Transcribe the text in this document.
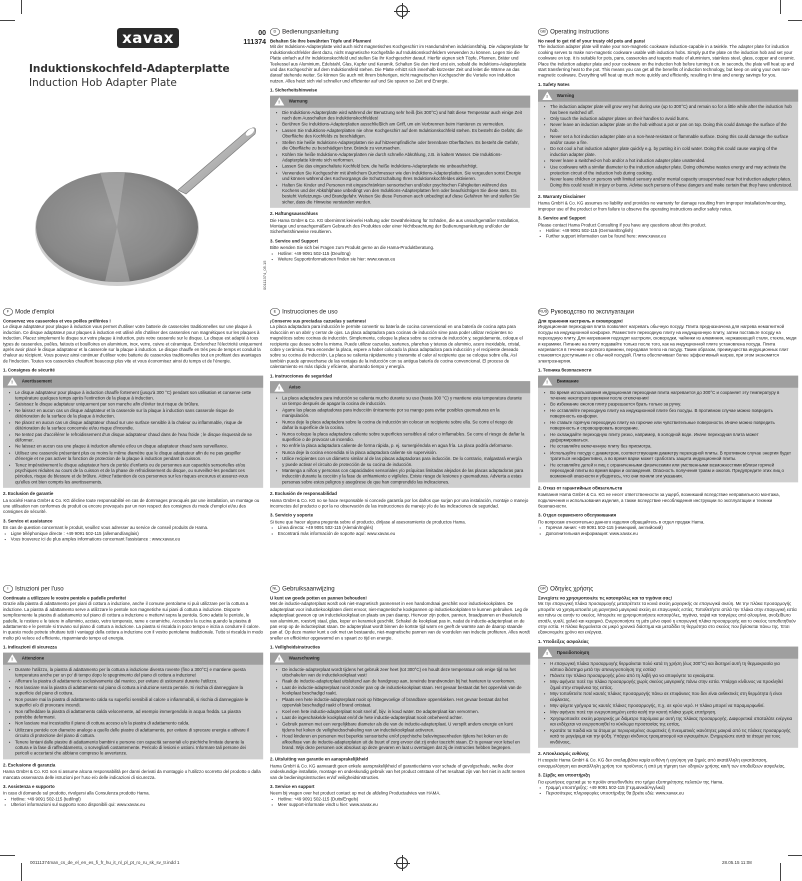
xavax	00
111374
Induktionskochfeld-Adapterplatte
Induction Hob Adapter Plate
00111374_05.15
D Bedienungsanleitung

Behalten Sie Ihre bewährten Töpfe und Pfannen!

Mit der Induktions-Adapterplatte wird auch nicht magnetisches Kochgeschirr im Handumdrehen induktionsfähig. Die Adapterplatte für Induktionskochfelder dient dazu, nicht magnetische Kochgefäße auf Induktionskochfeldern verwenden zu können. Legen Sie die Platte einfach auf Ihr Induktionskochfeld und stellen Sie Ihr Kochgeschirr darauf. Hierfür eignen sich Töpfe, Pfannen, Bräter und Teekessel aus Aluminium, Edelstahl, Glas, Kupfer und Keramik. Schalten Sie den Herd erst ein, sobald die Induktions-Adapterplatte und das Kochgeschirr auf dem Induktionsfeld stehen. Die Platte erhitzt sich innerhalb kürzester Zeit und leitet die Wärme an das darauf stehende weiter. So können Sie auch mit Ihrem bisherigen, nicht magnetischen Kochgeschirr die Vorteile von Induktion nutzen. Alles heizt sich viel schneller und effizienter auf und Sie sparen so Zeit und Energie.

1. Sicherheitshinweise
! Warnung
• Die Induktions-Adapterplatte wird während der Benutzung sehr heiß (bis 300°C) und hält diese Temperatur auch einige Zeit nach dem Ausschalten des Induktionskochfeldes!
• Berühren Sie Induktions-Adapterplatten ausschließlich am Griff, um ein Verbrennen beim Hantieren zu vermeiden.
• Lassen Sie Induktions-Adapterplatten nie ohne Kochgeschirr auf dem Induktionskochfeld stehen. Es besteht die Gefahr, die Oberfläche des Kochfelds zu beschädigen.
• Stellen Sie heiße Induktions-Adapterplatten nie auf hitzeempfindliche oder brennbare Oberflächen. Es besteht die Gefahr, die Oberfläche zu beschädigen bzw. Brände zu verursachen.
• Kühlen Sie heiße Induktions-Adapterplatten nie durch schnelle Abkühlung, z.B. in kaltem Wasser. Die Induktions-Adapterplatte könnte sich verformen.
• Lassen Sie das eingeschaltete Kochfeld bzw. die heiße Induktions-Adapterplatte nie unbeaufsichtigt.
• Verwenden Sie Kochgeschirr mit ähnlichem Durchmesser wie den Induktions-Adapterplatten. Sie vergeuden sonst Energie und können während des Kochvorgangs die Schutzschaltung Ihres Induktionskochfeldes aktivieren.
• Halten Sie Kinder und Personen mit eingeschränkten sensorischen und/oder psychischen Fähigkeiten während des Kochens und der Abkühlphase unbedingt von den Induktions-Adapterplatten fern oder beaufsichtigen Sie diese stets. Es besteht Verletzungs- und Brandgefahr. Weisen Sie diese Personen auch unbedingt auf diese Gefahren hin und stellen Sie sicher, dass die Hinweise verstanden werden.
2. Haftungsausschluss

Die Hama GmbH & Co. KG übernimmt keinerlei Haftung oder Gewährleistung für Schäden, die aus unsachgemäßer Installation, Montage und unsachgemäßem Gebrauch des Produktes oder einer Nichtbeachtung der Bedienungsanleitung und/oder der Sicherheitshinweise resultieren.

3. Service und Support

Bitte wenden Sie sich bei Fragen zum Produkt gerne an die Hama-Produktberatung.

• Hotline: +49 9091 502-115 (Deu/Eng)
• Weitere Supportinformationen finden sie hier: www.xavax.eu
GB Operating instructions

No need to get rid of your trusty old pots and pans!

The induction adapter plate will make your non-magnetic cookware induction-capable in a twinkle. The adapter plate for induction cooking serves to make non-magnetic cookware usable with induction hobs. Simply put the plate on the induction hob and set your cookware on top. It is suitable for pots, pans, casseroles and teapots made of aluminium, stainless steel, glass, copper and ceramic. Place the induction adapter plate and your cookware on the induction hob before turning it on. In seconds, the plate will heat up and start transferring heat to the pot. This means you can get all the benefits of induction technology, but keep on using your own non-magnetic cookware. Everything will heat up much more quickly and efficiently, resulting in time and energy savings for you.

1. Safety Notes
! Warning
• The induction adapter plate will grow very hot during use (up to 300°C) and remain so for a little while after the induction hob has been switched off.
• Only touch the induction adapter plates on their handles to avoid burns.
• Never leave an induction adapter plate on the hob without a pot or pan on top. Doing this could damage the surface of the hob.
• Never set a hot induction adapter plate on a non-heat-resistant or flammable surface. Doing this could damage the surface and/or cause a fire.
• Do not cool a hot induction adapter plate quickly e.g. by putting it in cold water. Doing this could cause warping of the induction adapter plate.
• Never leave a switched-on hob and/or a hot induction adapter plate unattended.
• Use cookware with a similar diameter to the induction adapter plate. Doing otherwise wastes energy and may activate the protection circuit of the induction hob during cooking.
• Never leave children or persons with limited sensory and/or mental capacity unsupervised near hot induction adapter plates. Doing this could result in injury or burns. Advise such persons of these dangers and make certain that they have understood.
2. Warranty Disclaimer

Hama GmbH & Co. KG assumes no liability and provides no warranty for damage resulting from improper installation/mounting, improper use of the product or from failure to observe the operating instructions and/or safety notes.

3. Service and Support

Please contact Hama Product Consulting if you have any questions about this product.

• Hotline: +49 9091 502-115 (German/English)
• Further support information can be found here: www.xavax.eu
F Mode d'emploi

Conservez vos casseroles et vos poêles préférées !

Le disque adaptateur pour plaque à induction vous permet d'utiliser votre batterie de casseroles traditionnelles sur une plaque à induction. Ce disque adaptateur pour plaques à induction est utilisé afin d'utiliser des casseroles non magnétiques sur les plaques à induction. Placez simplement le disque sur votre plaque à induction, puis votre casserole sur le disque. Le disque est adapté à tous types de casseroles, poêles, faitouts et bouilloires en aluminium, inox, verre, cuivre et céramique. Enclenchez l'électricité uniquement après avoir placé le disque adaptateur et la casserole sur la plaque à induction. Le disque chauffe en très peu de temps et conduit la chaleur au récipient. Vous pouvez ainsi continuer d'utiliser votre batterie de casseroles traditionnelles tout en profitant des avantages de l'induction. Toutes vos casseroles chauffent beaucoup plus vite et vous économisez ainsi du temps et de l'énergie.

1. Consignes de sécurité
! Avertissement
• Le disque adaptateur pour plaque à induction chauffe fortement (jusqu'à 300 °C) pendant son utilisation et conserve cette température quelques temps après l'extinction de la plaque à induction.
• Saisissez le disque adaptateur uniquement par son manche afin d'éviter tout risque de brûlure.
• Ne laissez en aucun cas un disque adaptateur et la casserole sur la plaque à induction sans casserole risque de détérioration de la surface de la plaque à induction.
• Ne placez en aucun cas un disque adaptateur chaud sur une surface sensible à la chaleur ou inflammable, risque de détérioration de la surface concernée et/ou risque d'incendie.
• Ne tentez pas d'accélérer le refroidissement d'un disque adaptateur chaud dans de l'eau froide ; le disque risquerait de se déformer.
• Ne laissez en aucun cas une plaque à induction allumée et/ou un disque adaptateur chaud sans surveillance.
• Utilisez une casserole présentant plus ou moins le même diamètre que le disque adaptateur afin de ne pas gaspiller d'énergie et ne pas activer la fonction de protection de la plaque à induction pendant la cuisson.
• Tenez impérativement le disque adaptateur hors de portée d'enfants ou de personnes aux capacités sensorielles et/ou psychiques réduites au cours de la cuisson et de la phase de refroidissement du disque, ou surveillez-les pendant ces périodes, risque de blessure et de brûlure. Attirez l'attention de ces personnes sur les risques encourus et assurez-vous qu'elles ont bien compris les avertissements.
2. Exclusion de garantie

La société Hama GmbH & Co. KG décline toute responsabilité en cas de dommages provoqués par une installation, un montage ou une utilisation non conformes du produit ou encore provoqués par un non respect des consignes du mode d'emploi et/ou des consignes de sécurité.

3. Service et assistance

En cas de question concernant le produit, veuillez vous adresser au service de conseil produits de Hama.

• Ligne téléphonique directe : +49 9091 502-115 (allemand/anglais)
• Vous trouverez ici de plus amples informations concernant l'assistance : www.xavax.eu
E Instrucciones de uso

¡Conserve sus preciadas cazuelas y sartenes!

La placa adaptadora para inducción le permite convertir su batería de cocina convencional en una batería de cocina apta para inducción en un abrir y cerrar de ojos. La placa adaptadora para cocinas de inducción sirve para poder utilizar recipientes no magnéticos sobre cocinas de inducción. Simplemente, coloque la placa sobre su cocina de inducción y, seguidamente, coloque el recipiente que desee sobre la misma. Puede utilizar cazuelas, sartenes, planchas y teteras de aluminio, acero inoxidable, cristal, cobre y cerámica. Para encender la placa, espere a haber colocado la placa adaptadora para inducción y el recipiente deseado sobre su cocina de inducción. La placa se calienta rápidamente y transmite el calor al recipiente que se coloque sobre ella. Así también puede aprovecharse de las ventajas de la inducción con su antigua batería de cocina convencional. El proceso de calentamiento es más rápido y eficiente, ahorrando tiempo y energía.

1. Instrucciones de seguridad
! Aviso
• La placa adaptadora para inducción se calienta mucho durante su uso (hasta 300 °C) y mantiene esta temperatura durante un tiempo después de apagar la cocina de inducción.
• Agarre las placas adaptadoras para inducción únicamente por su mango para evitar posibles quemaduras en la manipulación.
• Nunca deje la placa adaptadora sobre la cocina de inducción sin colocar un recipiente sobre ella. Se corre el riesgo de dañar la superficie de la cocina.
• Nunca coloque la placa adaptadora caliente sobre superficies sensibles al calor o inflamables. Se corre el riesgo de dañar la superficie o de provocar un incendio.
• No enfríe la placa adaptadora caliente de forma rápida, p. ej. sumergiéndola en agua fría. La placa podría deformarse.
• Nunca deje la cocina encendida ni la placa adaptadora caliente sin supervisión.
• Utilice recipientes con un diámetro similar al de las placas adaptadoras para inducción. De lo contrario, malgastará energía y puede activar el circuito de protección de su cocina de inducción.
• Mantenga a niños y personas con capacidades sensoriales y/o psíquicas limitadas alejados de las placas adaptadoras para inducción durante la cocción y la fase de enfriamiento o vigílelos. Existe riesgo de lesiones y quemaduras. Advierta a estas personas sobre estos peligros y asegúrese de que han comprendido las indicaciones.
2. Exclusión de responsabilidad

Hama GmbH & Co. KG no se hace responsable ni concede garantía por los daños que surjan por una instalación, montaje o manejo incorrectos del producto o por la no observación de las instrucciones de manejo y/o de las indicaciones de seguridad.

3. Servicio y soporte

Si tiene que hacer alguna pregunta sobre el producto, diríjase al asesoramiento de productos Hama.

• Línea directa: +49 9091 502-115 (Alemán/Inglés)
• Encontrará más información de soporte aquí: www.xavax.eu
RUS Руководство по эксплуатации

Для хранения кастрюль и сковородок!

Индукционная переходная плита позволяет нагревать обычную посуду. Плита предназначена для нагрева немагнитной посуды на индукционной конфорке. Разместите переходную плиту на индукционную плиту, затем поставьте посуду на переходную плиту. Для нагревания подходят кастрюли, сковородки, чайники из алюминия, нержавеющей стали, стекла, меди и керамики. Питание на плиту подавайте только после того, как на индукционной плите установлена посуда. Плита нагревается в течение короткого времени, передавая тепло на посуду. Таким образом, преимущества индукционных плит становятся доступными и с обычной посудой. Плита обеспечивает более эффективный нагрев, при этом экономится электроэнергия.

1. Техника безопасности
! Внимание
• Во время использования индукционная переходная плита нагревается до 300°C и сохраняет эту температуру в течение некоторого времени после отключения!
• Во избежание ожогов плиту разрешается брать только за ручку.
• Не оставляйте переходную плиту на индукционной плите без посуды. В противном случае можно повредить поверхность конфорки.
• Не ставьте горячую переходную плиту на горючие или чувствительные поверхности. Иначе можно повредить поверхность и спровоцировать возгорание.
• Не охлаждайте переходную плиту резко, например, в холодной воде. Иначе переходная плита может деформироваться.
• Не оставляйте включенную плиту без присмотра.
• Используйте посуду с диаметром, соответствующим диаметру переходной плиты. В противном случае энергия будет тратиться неэффективно, а во время варки может сработать защита индукционной плиты.
• Не оставляйте детей и лиц с ограниченными физическими или умственными возможностями вблизи горячей переходной плиты во время варки и охлаждения. Опасность получения травм и ожогов. Предупредите этих лиц о возможной опасности и убедитесь, что они поняли эти указания.
2. Отказ от гарантийных обязательств

Компания Hama GmbH & Co. KG не несет ответственности за ущерб, возникший вследствие неправильного монтажа, подключения и использования изделия, а также вследствие несоблюдения инструкции по эксплуатации и техники безопасности.

3. Отдел сервисного обслуживания

По вопросам относительно данного изделия обращайтесь в отдел продаж Hama.

• Горячая линия: +49 9091 502-115 (немецкий, английский)
• Дополнительная информация: www.xavax.eu
I Istruzioni per l'uso

Continuate a utilizzare le vostre pentole e padelle preferite!

Grazie alla piastra di adattamento per piani di cottura a induzione, anche il comune pentolame si può utilizzare per la cottura a induzione. La piastra di adattamento serve a utilizzare le pentole non magnetiche sui piani di cottura a induzione. Disporre semplicemente la piastra di adattamento sul piano di cottura a induzione e mettervi sopra la pentola. Sono adatte le pentole, le padelle, le rostiere e le teiere in alluminio, acciaio, vetro temperato, rame e ceramiche. Accendere la cucina quando la piastra di adattamento e le pentole si trovano sul piano di cottura a induzione. La piastra si riscalda in poco tempo e inizia a condurre il calore. In questo modo potrete sfruttare tutti i vantaggi della cottura a induzione con il vostro pentolame tradizionale. Tutto si riscalda in modo molto più veloce ed efficiente, risparmiando tempo ed energia.

1. Indicazioni di sicurezza
! Attenzione
• Durante l'utilizzo, la piastra di adattamento per la cottura a induzione diventa rovente (fino a 300°C) e mantiene questa temperatura anche per un po' di tempo dopo lo spegnimento del piano di cottura a induzione!
• Afferrare la piastra di adattamento esclusivamente dal manico, per evitare di ustionarsi durante l'utilizzo.
• Non lasciare mai la piastra di adattamento sul piano di cottura a induzione senza pentole. Si rischia di danneggiare la superficie del piano di cottura.
• Non posare mai la piastra di adattamento calda su superfici sensibili al calore o infiammabili, si rischia di danneggiare le superfici e/o di provocare incendi.
• Non raffreddare la piastra di adattamento calda velocemente, ad esempio immergendola in acqua fredda. La piastra potrebbe deformarsi.
• Non lasciare mai incustodito il piano di cottura acceso e/o la piastra di adattamento calda.
• Utilizzare pentole con diametro analogo a quello delle piastre di adattamento, per evitare di sprecare energia e attivare il circuito di protezione del piano di cottura.
• Tenere lontani dalle piastre di adattamento bambini e persone con capacità sensoriali e/o psichiche limitate durante la cottura e la fase di raffreddamento, o sorvegliarli costantemente. Pericolo di lesioni e ustioni. Informare tali persone dei pericoli e accertarsi che abbiano compreso le avvertenze.
2. Esclusione di garanzia

Hama GmbH & Co. KG non si assume alcuna responsabilità per danni derivati da montaggio o l'utilizzo scorretto del prodotto o dalla mancata osservanza delle istruzioni per l'uso e/o delle indicazioni di sicurezza.

3. Assistenza e supporto

In caso di domande sul prodotto, rivolgersi alla Consulenza prodotto Hama.

• Hotline: +49 9091 502-115 (ted/ingl)
• Ulteriori informazioni sul supporto sono disponibili qui: www.xavax.eu
NL Gebruiksaanwijzing

U kunt uw goede potten en pannen behouden!

Met de inductie-adapterplaat wordt ook niet-magnetisch pannenset in een handomdraai geschikt voor inductiekookplaten. De adapterplaat voor inductiekookplaten dient ervoor, niet-magnetische kookpannen op inductiekookplaten te kunnen gebruiken. Leg de adapterplaat gewoon op uw inductiekookplaat en plaats uw pan daarop. Hiervoor zijn potten, pannen, braadpannen en theeketels van aluminium, roestvrij staal, glas, koper en keramiek geschikt. Schakel de kookplaat pas in, nadat de inductie-adapterplaat en de pan erop op de inductieplaat staan. De adapterplaat wordt binnen de kortste tijd warm en geeft de warmte aan de daarop staande pan af. Op deze manier kunt u ook met uw bestaande, niet-magnetische pannen van de voordelen van inductie profiteren. Alles wordt sneller en efficiënter opgewarmd en u spaart zo tijd en energie.

1. Veiligheidsinstructies
! Waarschuwing
• De inductie-adapterplaat wordt tijdens het gebruik zeer heet (tot 300°C) en houdt deze temperatuur ook enige tijd na het uitschakelen van de inductiekookplaat vast!
• Raak de inductie-adapterplaat uitsluitend aan de handgreep aan, teneinde brandwonden bij het hanteren te voorkomen.
• Laat de inductie-adapterplaat nooit zonder pan op de inductiekookplaat staan. Het gevaar bestaat dat het oppervlak van de kookplaat beschadigd raakt.
• Plaats een hete inductie-adapterplaat nooit op hittegevoelige of brandbare oppervlakken. Het gevaar bestaat dat het oppervlak beschadigd raakt of brand ontstaat.
• Koel een hete inductie-adapterplaat nooit snel af, bijv. in koud water. De adapterplaat kan vervormen.
• Laat de ingeschakelde kookplaat en/of de hete inductie-adapterplaat nooit onbeheerd achter.
• Gebruik pannen met een vergelijkbare diameter als die van de inductie-adapterplaat. U verspilt anders energie en kunt tijdens het koken de veiligheidsschakeling van uw inductiekookplaat activeren.
• Houd kinderen en personen met beperkte sensorische en/of psychische belevingseenheden tijdens het koken en de afkoelfase van de inductie-adapterplaten uit de buurt of zorg ervoor dat zij onder toezicht staan. Er is gevaar voor letsel en brand. Wijs deze personen ook absoluut op deze gevaren en laat u overtuigen dat zij de instructies hebben begrepen.
2. Uitsluiting van garantie en aansprakelijkheid

Hama GmbH & Co. KG aanvaardt geen enkele aansprakelijkheid of garantieclaims voor schade of gevolgschade, welke door ondeskundige installatie, montage en ondeskundig gebruik van het product ontstaan of het resultaat zijn van het niet in acht nemen van de bedieningsinstructies en/of veiligheidsinstructies.

3. Service en support

Neem bij vragen over het product contact op met de afdeling Productadvies van HAMA.

• Hotline: +49 9091 502-115 (Duits/Engels)
• Meer support-informatie vindt u hier: www.xavax.eu
GR Οδηγίες χρήσης

Συνεχίστε να χρησιμοποιείτε τις κατσαρόλες και τα τηγάνια σας!

Με την επαγωγική πλάκα προσαρμογής μετατρέπετε τα κοινά σκεύη μαγειρικής σε επαγωγικά σκεύη. Με την πλάκα προσαρμογής μπορείτε να χρησιμοποιείτε μη μαγνητικά μαγειρικά σκεύη σε επαγωγικές εστίες. Τοποθετήστε απλά την πλάκα στην επαγωγική εστία και πάνω σε αυτήν το σκεύος. Μπορείτε να χρησιμοποιήσετε κατσαρόλες, τηγάνια, ταψιά και τσαγιέρες από αλουμίνιο, ανοξείδωτο ατσάλι, γυαλί, χαλκό και κεραμικό. Ενεργοποιήστε τη μάτι μόνο αφού η επαγωγική πλάκα προσαρμογής και το σκεύος τοποθετηθούν στην εστία. Η πλάκα θερμαίνεται σε μικρό χρονικό διάστημα και μεταδίδει τη θερμότητα στο σκεύος που βρίσκεται πάνω της. Έτσι εξοικονομείτε χρόνο και ενέργεια.

1. Υποδείξεις ασφαλείας
! Προειδοποίηση
• Η επαγωγική πλάκα προσαρμογής θερμαίνεται πολύ κατά τη χρήση (έως 300°C) και διατηρεί αυτή τη θερμοκρασία για κάποιο διάστημα μετά την απενεργοποίηση της εστίας!
• Πιάνετε την πλάκα προσαρμογής μόνο από τη λαβή για να αποφύγετε τα εγκαύματα.
• Μην αφήνετε ποτέ την πλάκα προσαρμογής χωρίς σκεύος μαγειρικής πάνω στην εστία. Υπάρχει κίνδυνος να προκληθεί ζημιά στην επιφάνεια της εστίας.
• Μην τοποθετείτε ποτέ καυτές πλάκες προσαρμογής πάνω σε επιφάνειες που δεν είναι ανθεκτικές στη θερμότητα ή είναι εύφλεκτες.
• Μην ψύχετε γρήγορα τις καυτές πλάκες προσαρμογής, π.χ. σε κρύο νερό. Η πλάκα μπορεί να παραμορφωθεί.
• Μην αφήνετε ποτέ την ενεργοποιημένη εστία και/ή την καυτή πλάκα χωρίς επιτήρηση.
• Χρησιμοποιείτε σκεύη μαγειρικής με διάμετρο παρόμοια με αυτή της πλάκας προσαρμογής. Διαφορετικά σπαταλάτε ενέργεια και ενδέχεται να ενεργοποιηθεί το κύκλωμα προστασίας της εστίας.
• Κρατάτε τα παιδιά και τα άτομα με περιορισμένες σωματικές ή πνευματικές ικανότητες μακριά από τις πλάκες προσαρμογής κατά το μαγείρεμα και την ψύξη. Υπάρχει κίνδυνος τραυματισμού και εγκαυμάτων. Ενημερώστε αυτά τα άτομα για τους κινδύνους.
2. Αποκλεισμός ευθύνης

Η εταιρεία Hama GmbH & Co. KG δεν αναλαμβάνει καμία ευθύνη ή εγγύηση για ζημιές από ακατάλληλη εγκατάσταση, συναρμολόγηση και ακατάλληλη χρήση του προϊόντος ή από μη τήρηση των οδηγιών χρήσης και/ή των υποδείξεων ασφαλείας.

3. Σέρβις και υποστήριξη

Για ερωτήσεις σχετικά με το προϊόν απευθυνθείτε στο τμήμα εξυπηρέτησης πελατών της Hama.

• Γραμμή υποστήριξης: +49 9091 502-115 (Γερμανικά/Αγγλικά)
• Περισσότερες πληροφορίες υποστήριξης θα βρείτε εδώ: www.xavax.eu
00111374man_cs_de_el_en_es_fi_fr_hu_it_nl_pl_pt_ro_ru_sk_sv_tr.indd 1	28.05.15 11:08
